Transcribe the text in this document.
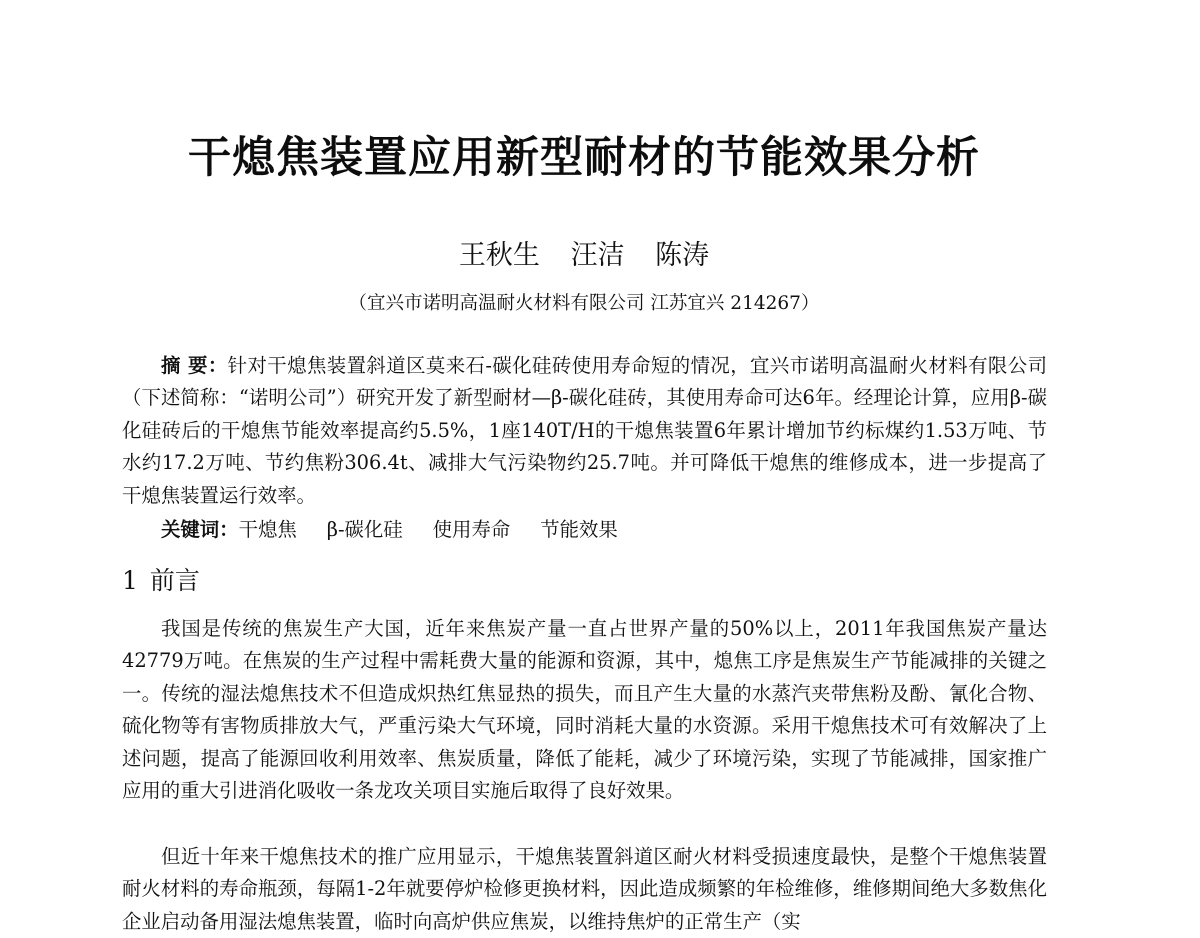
干熄焦装置应用新型耐材的节能效果分析
王秋生 汪洁 陈涛
（宜兴市诺明高温耐火材料有限公司 江苏宜兴 214267）
摘 要：针对干熄焦装置斜道区莫来石-碳化硅砖使用寿命短的情况，宜兴市诺明高温耐火材料有限公司（下述简称：“诺明公司”）研究开发了新型耐材—β-碳化硅砖，其使用寿命可达6年。经理论计算，应用β-碳化硅砖后的干熄焦节能效率提高约5.5%，1座140T/H的干熄焦装置6年累计增加节约标煤约1.53万吨、节水约17.2万吨、节约焦粉306.4t、减排大气污染物约25.7吨。并可降低干熄焦的维修成本，进一步提高了干熄焦装置运行效率。
关键词：干熄焦 β-碳化硅 使用寿命 节能效果
1 前言
我国是传统的焦炭生产大国，近年来焦炭产量一直占世界产量的50%以上，2011年我国焦炭产量达42779万吨。在焦炭的生产过程中需耗费大量的能源和资源，其中，熄焦工序是焦炭生产节能减排的关键之一。传统的湿法熄焦技术不但造成炽热红焦显热的损失，而且产生大量的水蒸汽夹带焦粉及酚、氰化合物、硫化物等有害物质排放大气，严重污染大气环境，同时消耗大量的水资源。采用干熄焦技术可有效解决了上述问题，提高了能源回收利用效率、焦炭质量，降低了能耗，减少了环境污染，实现了节能减排，国家推广应用的重大引进消化吸收一条龙攻关项目实施后取得了良好效果。
但近十年来干熄焦技术的推广应用显示，干熄焦装置斜道区耐火材料受损速度最快，是整个干熄焦装置耐火材料的寿命瓶颈，每隔1-2年就要停炉检修更换材料，因此造成频繁的年检维修，维修期间绝大多数焦化企业启动备用湿法熄焦装置，临时向高炉供应焦炭，以维持焦炉的正常生产（实
